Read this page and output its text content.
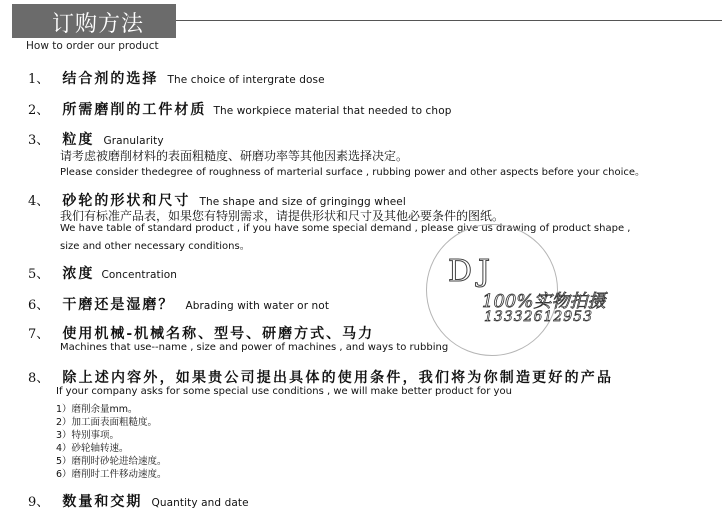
订购方法
How to order our product
1、 结合剂的选择 The choice of intergrate dose
2、 所需磨削的工件材质 The workpiece material that needed to chop
3、 粒度 Granularity
请考虑被磨削材料的表面粗糙度、研磨功率等其他因素选择决定。
Please consider thedegree of roughness of marterial surface , rubbing power and other aspects before your choice。
4、 砂轮的形状和尺寸 The shape and size of gringingg wheel
我们有标准产品表，如果您有特别需求，请提供形状和尺寸及其他必要条件的图纸。
We have table of standard product , if you have some special demand , please give us drawing of product shape ,
size and other necessary conditions。
5、 浓度 Concentration
6、 干磨还是湿磨？ Abrading with water or not
7、 使用机械-机械名称、型号、研磨方式、马力
Machines that use--name , size and power of machines , and ways to rubbing
8、 除上述内容外，如果贵公司提出具体的使用条件，我们将为你制造更好的产品
If your company asks for some special use conditions , we will make better product for you
1）磨削余量mm。
2）加工面表面粗糙度。
3）特别事项。
4）砂轮轴转速。
5）磨削时砂轮进给速度。
6）磨削时工件移动速度。
9、 数量和交期 Quantity and date
DJ
100%实物拍摄
13332612953
